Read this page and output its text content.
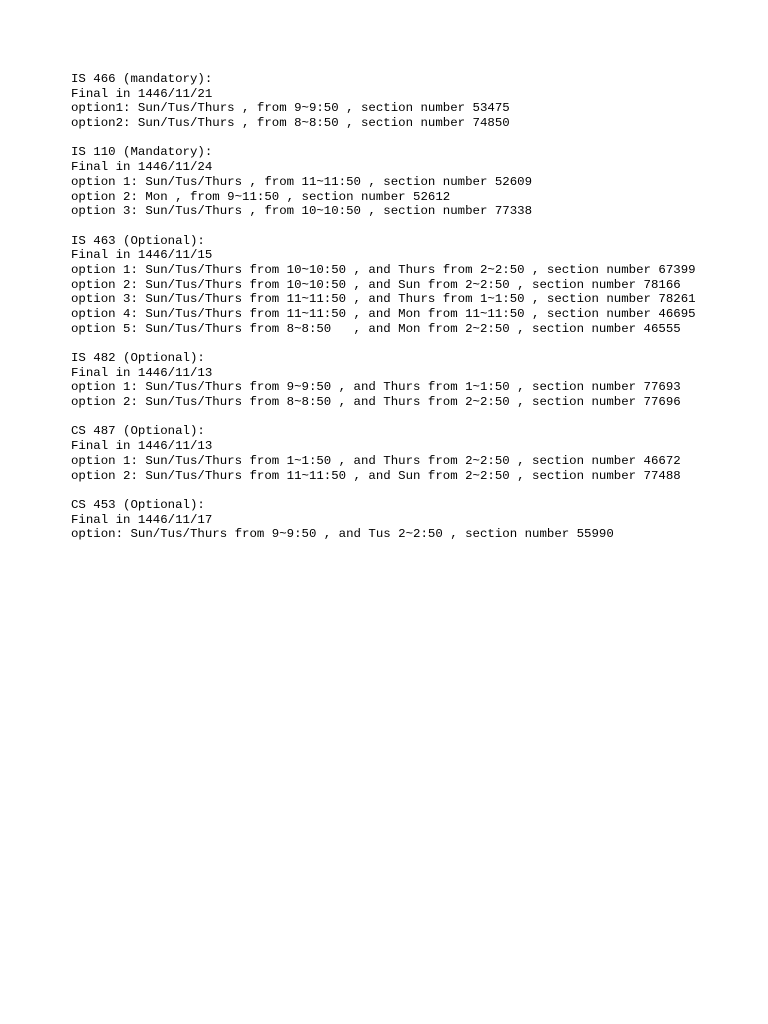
IS 466 (mandatory):

Final in 1446/11/21

option1: Sun/Tus/Thurs , from 9~9:50 , section number 53475

option2: Sun/Tus/Thurs , from 8~8:50 , section number 74850

IS 110 (Mandatory):

Final in 1446/11/24

option 1: Sun/Tus/Thurs , from 11~11:50 , section number 52609

option 2: Mon , from 9~11:50 , section number 52612

option 3: Sun/Tus/Thurs , from 10~10:50 , section number 77338

IS 463 (Optional):

Final in 1446/11/15

option 1: Sun/Tus/Thurs from 10~10:50 , and Thurs from 2~2:50 , section number 67399

option 2: Sun/Tus/Thurs from 10~10:50 , and Sun from 2~2:50 , section number 78166

option 3: Sun/Tus/Thurs from 11~11:50 , and Thurs from 1~1:50 , section number 78261

option 4: Sun/Tus/Thurs from 11~11:50 , and Mon from 11~11:50 , section number 46695

option 5: Sun/Tus/Thurs from 8~8:50   , and Mon from 2~2:50 , section number 46555

IS 482 (Optional):

Final in 1446/11/13

option 1: Sun/Tus/Thurs from 9~9:50 , and Thurs from 1~1:50 , section number 77693

option 2: Sun/Tus/Thurs from 8~8:50 , and Thurs from 2~2:50 , section number 77696

CS 487 (Optional):

Final in 1446/11/13

option 1: Sun/Tus/Thurs from 1~1:50 , and Thurs from 2~2:50 , section number 46672

option 2: Sun/Tus/Thurs from 11~11:50 , and Sun from 2~2:50 , section number 77488

CS 453 (Optional):

Final in 1446/11/17

option: Sun/Tus/Thurs from 9~9:50 , and Tus 2~2:50 , section number 55990
